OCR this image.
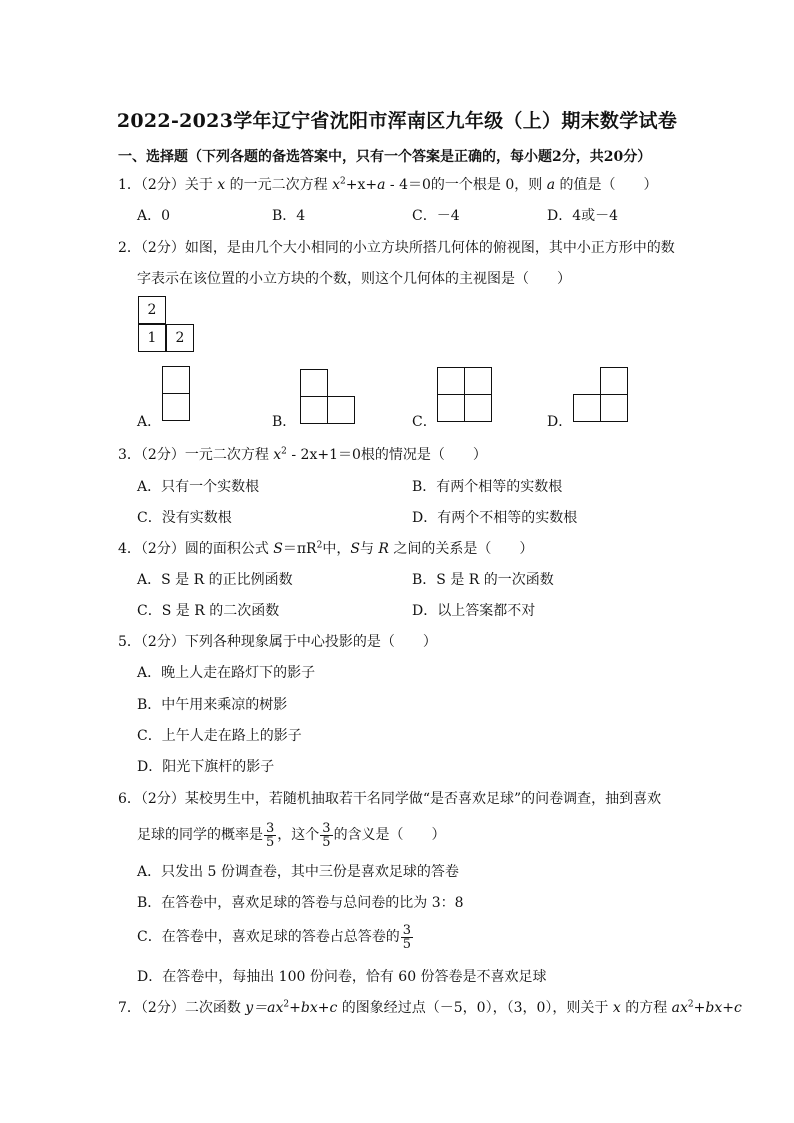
2022-2023学年辽宁省沈阳市浑南区九年级（上）期末数学试卷
一、选择题（下列各题的备选答案中，只有一个答案是正确的，每小题2分，共20分）
1．（2分）关于 x 的一元二次方程 $x^2+x+a - 4=0$的一个根是 0，则 a 的值是（　　）
A．0	B．4	C．－4	D．4或－4
2．（2分）如图，是由几个大小相同的小立方块所搭几何体的俯视图，其中小正方形中的数
字表示在该位置的小立方块的个数，则这个几何体的主视图是（　　）
2
1	2
A．	B．	C．	D．
3．（2分）一元二次方程 $x^2 - 2x+1=0$根的情况是（　　）
A．只有一个实数根	B．有两个相等的实数根
C．没有实数根	D．有两个不相等的实数根
4．（2分）圆的面积公式 $S=\pi R^2$中，S与 R 之间的关系是（　　）
A．S 是 R 的正比例函数	B．S 是 R 的一次函数
C．S 是 R 的二次函数	D．以上答案都不对
5．（2分）下列各种现象属于中心投影的是（　　）
A．晚上人走在路灯下的影子
B．中午用来乘凉的树影
C．上午人走在路上的影子
D．阳光下旗杆的影子
6．（2分）某校男生中，若随机抽取若干名同学做“是否喜欢足球”的问卷调查，抽到喜欢
足球的同学的概率是 $\frac{3}{5}$ ，这个 $\frac{3}{5}$ 的含义是（　　）
A．只发出 5 份调查卷，其中三份是喜欢足球的答卷
B．在答卷中，喜欢足球的答卷与总问卷的比为 3：8
C．在答卷中，喜欢足球的答卷占总答卷的 $\frac{3}{5}$
D．在答卷中，每抽出 100 份问卷，恰有 60 份答卷是不喜欢足球
7．（2分）二次函数 $y=ax^2+bx+c$ 的图象经过点（－5，0），（3，0），则关于 x 的方程 $ax^2+bx+c$
